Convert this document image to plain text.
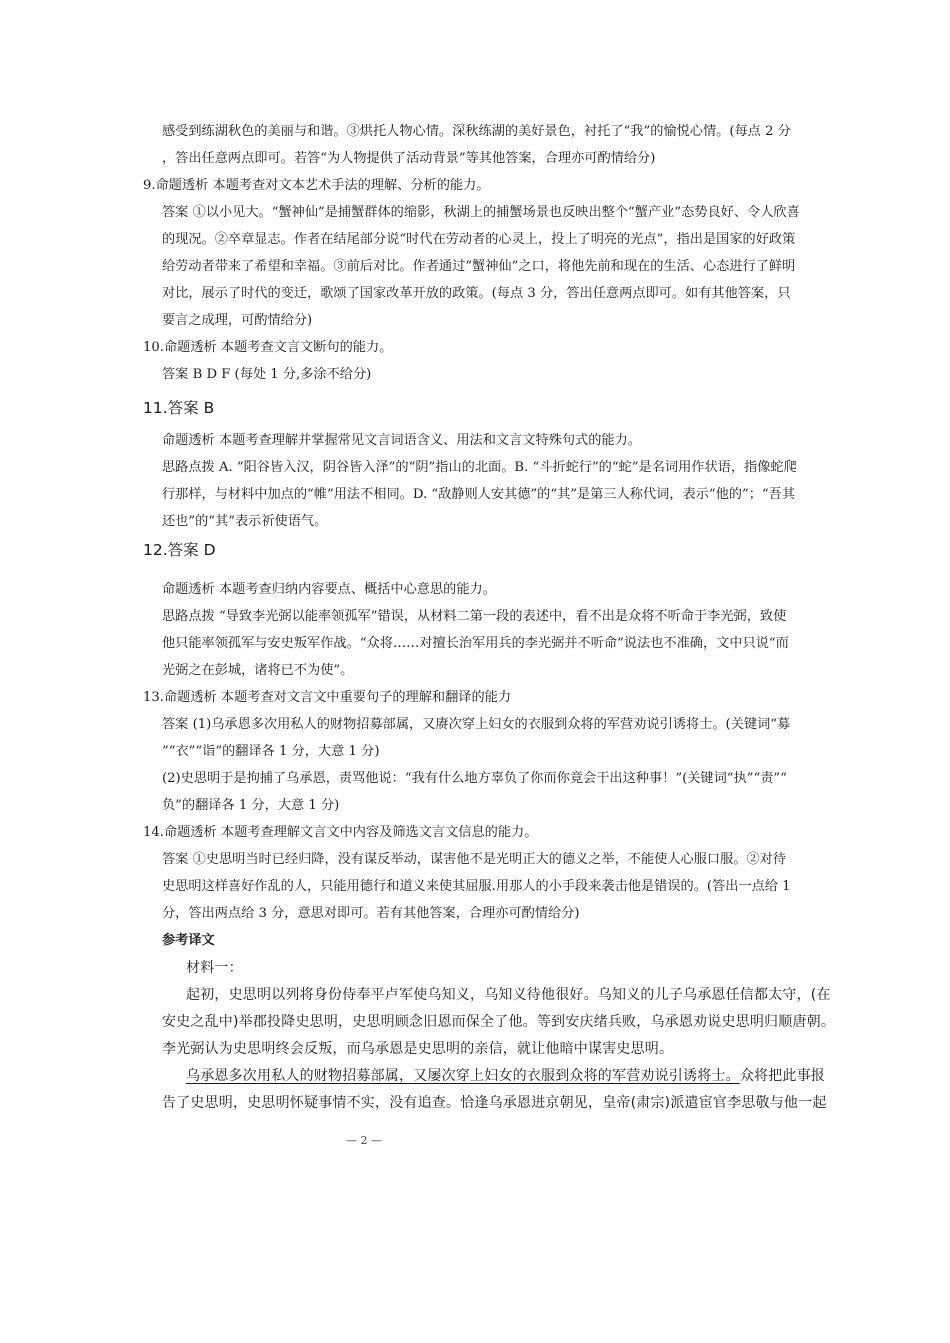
感受到练湖秋色的美丽与和谐。③烘托人物心情。深秋练湖的美好景色，衬托了“我”的愉悦心情。(每点 2 分
，答出任意两点即可。若答“为人物提供了活动背景”等其他答案，合理亦可酌情给分)
9.命题透析 本题考查对文本艺术手法的理解、分析的能力。
答案 ①以小见大。“蟹神仙”是捕蟹群体的缩影，秋湖上的捕蟹场景也反映出整个“蟹产业”态势良好、令人欣喜
的现况。②卒章显志。作者在结尾部分说“时代在劳动者的心灵上，投上了明亮的光点”，指出是国家的好政策
给劳动者带来了希望和幸福。③前后对比。作者通过“蟹神仙”之口，将他先前和现在的生活、心态进行了鲜明
对比，展示了时代的变迁，歌颂了国家改革开放的政策。(每点 3 分，答出任意两点即可。如有其他答案，只
要言之成理，可酌情给分)
10.命题透析 本题考查文言文断句的能力。
答案 B D F (每处 1 分,多涂不给分)
11.答案 B
命题透析 本题考查理解并掌握常见文言词语含义、用法和文言文特殊句式的能力。
思路点拨 A. “阳谷皆入汉，阴谷皆入泽”的“阴”指山的北面。B. “斗折蛇行”的“蛇”是名词用作状语，指像蛇爬
行那样，与材料中加点的“帷”用法不相同。D. “敌静则人安其德”的“其”是第三人称代词，表示“他的”；“吾其
还也”的“其”表示祈使语气。
12.答案 D
命题透析 本题考查归纳内容要点、概括中心意思的能力。
思路点拨 “导致李光弼以能率领孤军”错误，从材料二第一段的表述中，看不出是众将不听命于李光弼，致使
他只能率领孤军与安史叛军作战。“众将……对擅长治军用兵的李光弼并不听命”说法也不准确，文中只说“而
光弼之在彭城，诸将已不为使”。
13.命题透析 本题考查对文言文中重要句子的理解和翻译的能力
答案 (1)乌承恩多次用私人的财物招募部属，又赓次穿上妇女的衣服到众将的军营劝说引诱将士。(关键词“募
”“衣”“诣”的翻译各 1 分，大意 1 分)
(2)史思明于是拘捕了乌承恩，责骂他说：“我有什么地方辜负了你而你竟会干出这种事！”(关键词“执”“责”“
负”的翻译各 1 分，大意 1 分)
14.命题透析 本题考查理解文言文中内容及筛选文言文信息的能力。
答案 ①史思明当时已经归降，没有谋反举动，谋害他不是光明正大的德义之举，不能使人心服口服。②对待
史思明这样喜好作乱的人，只能用德行和道义来使其屈服.用那人的小手段来袭击他是错误的。(答出一点给 1
分，答出两点给 3 分，意思对即可。若有其他答案，合理亦可酌情给分)
参考译文
材料一：
起初，史思明以列将身份侍奉平卢军使乌知义，乌知义待他很好。乌知义的儿子乌承恩任信都太守，(在
安史之乱中)举郡投降史思明，史思明顾念旧恩而保全了他。等到安庆绪兵败，乌承恩劝说史思明归顺唐朝。
李光弼认为史思明终会反叛，而乌承恩是史思明的亲信，就让他暗中谋害史思明。
乌承恩多次用私人的财物招募部属，又屡次穿上妇女的衣服到众将的军营劝说引诱将士。众将把此事报
告了史思明，史思明怀疑事情不实，没有追查。恰逢乌承恩进京朝见，皇帝(肃宗)派遣宦官李思敬与他一起
— 2 —
